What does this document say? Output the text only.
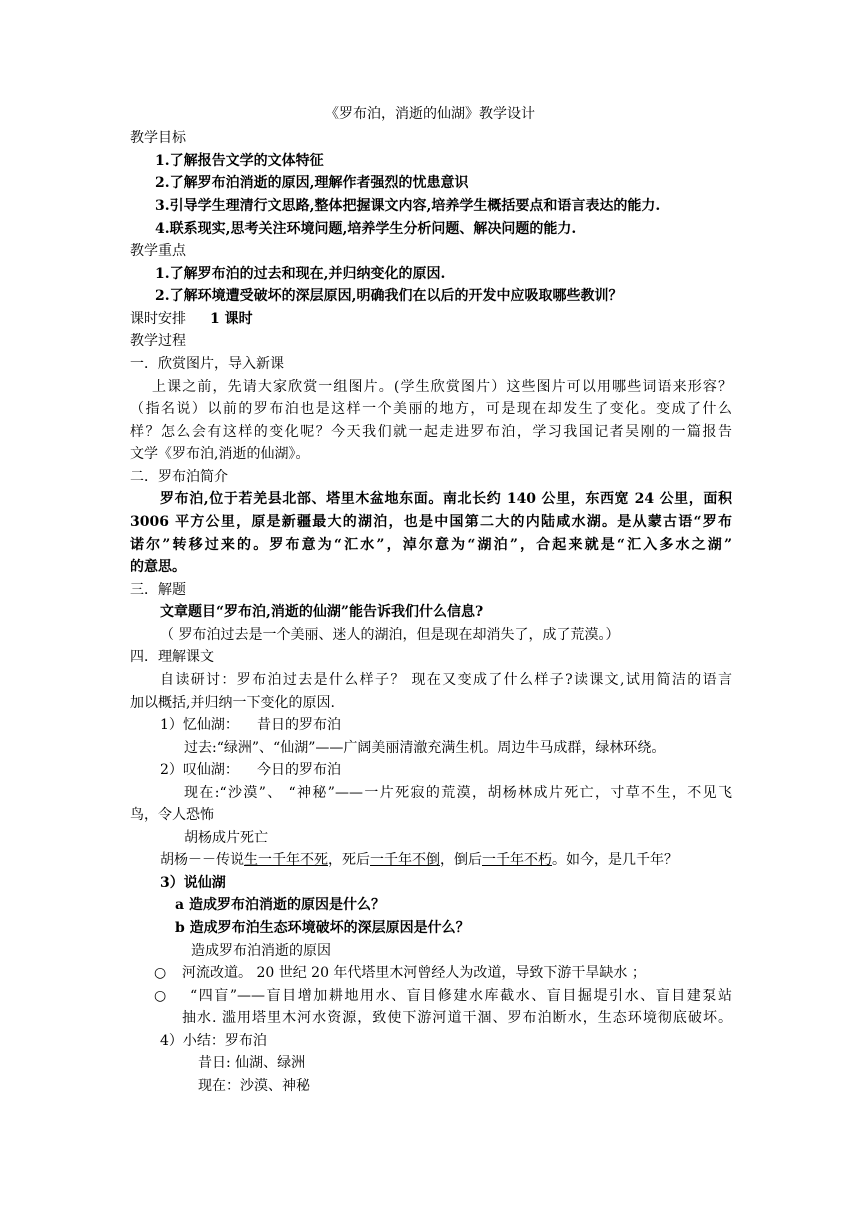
《罗布泊，消逝的仙湖》教学设计
教学目标
1.了解报告文学的文体特征
2.了解罗布泊消逝的原因,理解作者强烈的忧患意识
3.引导学生理清行文思路,整体把握课文内容,培养学生概括要点和语言表达的能力.
4.联系现实,思考关注环境问题,培养学生分析问题、解决问题的能力.
教学重点
1.了解罗布泊的过去和现在,并归纳变化的原因.
2.了解环境遭受破坏的深层原因,明确我们在以后的开发中应吸取哪些教训？
课时安排 1 课时
教学过程
一．欣赏图片，导入新课
上课之前，先请大家欣赏一组图片。(学生欣赏图片）这些图片可以用哪些词语来形容？
（指名说）以前的罗布泊也是这样一个美丽的地方，可是现在却发生了变化。变成了什么
样？怎么会有这样的变化呢？今天我们就一起走进罗布泊，学习我国记者吴刚的一篇报告
文学《罗布泊,消逝的仙湖》。
二．罗布泊简介
罗布泊,位于若羌县北部、塔里木盆地东面。南北长约 140 公里，东西宽 24 公里，面积
3006 平方公里，原是新疆最大的湖泊，也是中国第二大的内陆咸水湖。是从蒙古语“罗布
诺尔”转移过来的。罗布意为“汇水”，淖尔意为“湖泊”，合起来就是“汇入多水之湖”
的意思。
三．解题
文章题目“罗布泊,消逝的仙湖”能告诉我们什么信息?
（ 罗布泊过去是一个美丽、迷人的湖泊，但是现在却消失了，成了荒漠。）
四．理解课文
自读研讨：罗布泊过去是什么样子？ 现在又变成了什么样子?读课文,试用简洁的语言
加以概括,并归纳一下变化的原因.
1）忆仙湖： 昔日的罗布泊
过去:“绿洲”、“仙湖”——广阔美丽清澈充满生机。周边牛马成群，绿林环绕。
2）叹仙湖： 今日的罗布泊
现在:“沙漠”、 “神秘”——一片死寂的荒漠，胡杨林成片死亡，寸草不生，不见飞
鸟，令人恐怖
胡杨成片死亡
胡杨－－传说生一千年不死，死后一千年不倒，倒后一千年不朽。如今，是几千年？
3）说仙湖
a 造成罗布泊消逝的原因是什么？
b 造成罗布泊生态环境破坏的深层原因是什么？
造成罗布泊消逝的原因
○ 河流改道。 20 世纪 20 年代塔里木河曾经人为改道，导致下游干旱缺水 ；
○ “四盲”——盲目增加耕地用水、盲目修建水库截水、盲目掘堤引水、盲目建泵站
抽水. 滥用塔里木河水资源，致使下游河道干涸、罗布泊断水，生态环境彻底破坏。
4）小结：罗布泊
昔日: 仙湖、绿洲
现在：沙漠、神秘
